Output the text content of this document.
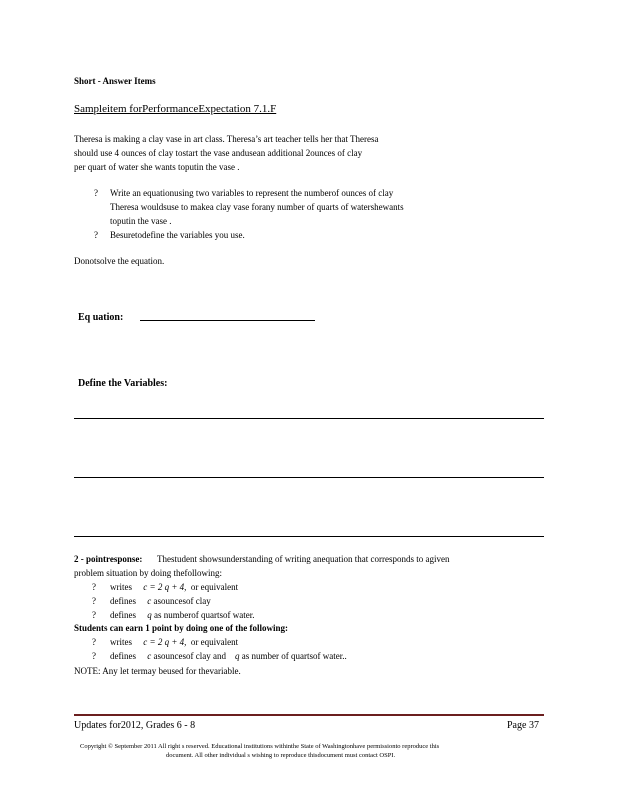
Short - Answer Items
Sampleitem forPerformanceExpectation 7.1.F
Theresa is making a clay vase in art class. Theresa’s art teacher tells her that Theresa
should use 4 ounces of clay tostart the vase andusean additional 2ounces of clay
per quart of water she wants toputin the vase .
? Write an equationusing two variables to represent the numberof ounces of clay
Theresa wouldsuse to makea clay vase forany number of quarts of watershewants
toputin the vase .
? Besuretodefine the variables you use.
Donotsolve the equation.
Eq uation:
Define the Variables:
2 - pointresponse: Thestudent showsunderstanding of writing anequation that corresponds to agiven
problem situation by doing thefollowing:
? writes c = 2 q + 4, or equivalent
? defines c asouncesof clay
? defines q as numberof quartsof water.
Students can earn 1 point by doing one of the following:
? writes c = 2 q + 4, or equivalent
? defines c asouncesof clay and q as number of quartsof water..
NOTE: Any let termay beused for thevariable.
Updates for2012, Grades 6 - 8	Page 37
Copyright © September 2011 All right s reserved. Educational institutions withinthe State of Washingtonhave permissionto reproduce this
document. All other individual s wishing to reproduce thisdocument must contact OSPI.
